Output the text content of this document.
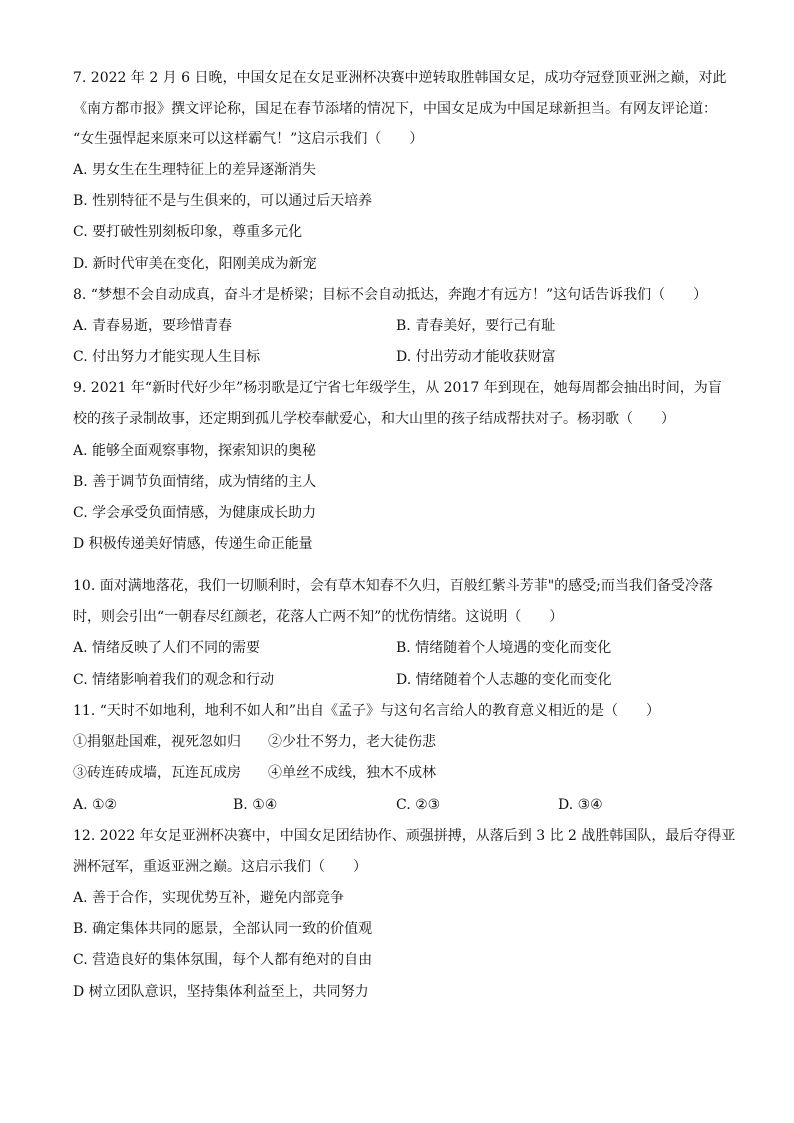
7. 2022 年 2 月 6 日晚，中国女足在女足亚洲杯决赛中逆转取胜韩国女足，成功夺冠登顶亚洲之巅，对此
《南方都市报》撰文评论称，国足在春节添堵的情况下，中国女足成为中国足球新担当。有网友评论道：
“女生强悍起来原来可以这样霸气！”这启示我们（　　）
A. 男女生在生理特征上的差异逐渐消失
B. 性别特征不是与生俱来的，可以通过后天培养
C. 要打破性别刻板印象，尊重多元化
D. 新时代审美在变化，阳刚美成为新宠
8. “梦想不会自动成真，奋斗才是桥梁；目标不会自动抵达，奔跑才有远方！”这句话告诉我们（　　）
A. 青春易逝，要珍惜青春	B. 青春美好，要行己有耻
C. 付出努力才能实现人生目标	D. 付出劳动才能收获财富
9. 2021 年“新时代好少年”杨羽歌是辽宁省七年级学生，从 2017 年到现在，她每周都会抽出时间，为盲
校的孩子录制故事，还定期到孤儿学校奉献爱心，和大山里的孩子结成帮扶对子。杨羽歌（　　）
A. 能够全面观察事物，探索知识的奥秘
B. 善于调节负面情绪，成为情绪的主人
C. 学会承受负面情感，为健康成长助力
D 积极传递美好情感，传递生命正能量
10. 面对满地落花，我们一切顺利时，会有草木知春不久归，百般红紫斗芳菲"的感受;而当我们备受冷落
时，则会引出“一朝春尽红颜老，花落人亡两不知”的忧伤情绪。这说明（　　）
A. 情绪反映了人们不同的需要	B. 情绪随着个人境遇的变化而变化
C. 情绪影响着我们的观念和行动	D. 情绪随着个人志趣的变化而变化
11. “天时不如地利，地利不如人和”出自《孟子》与这句名言给人的教育意义相近的是（　　）
①捐躯赴国难，视死忽如归 ②少壮不努力，老大徒伤悲
③砖连砖成墙，瓦连瓦成房 ④单丝不成线，独木不成林
A. ①②	B. ①④	C. ②③	D. ③④
12. 2022 年女足亚洲杯决赛中，中国女足团结协作、顽强拼搏，从落后到 3 比 2 战胜韩国队，最后夺得亚
洲杯冠军，重返亚洲之巅。这启示我们（　　）
A. 善于合作，实现优势互补，避免内部竞争
B. 确定集体共同的愿景，全部认同一致的价值观
C. 营造良好的集体氛围，每个人都有绝对的自由
D 树立团队意识，坚持集体利益至上，共同努力
